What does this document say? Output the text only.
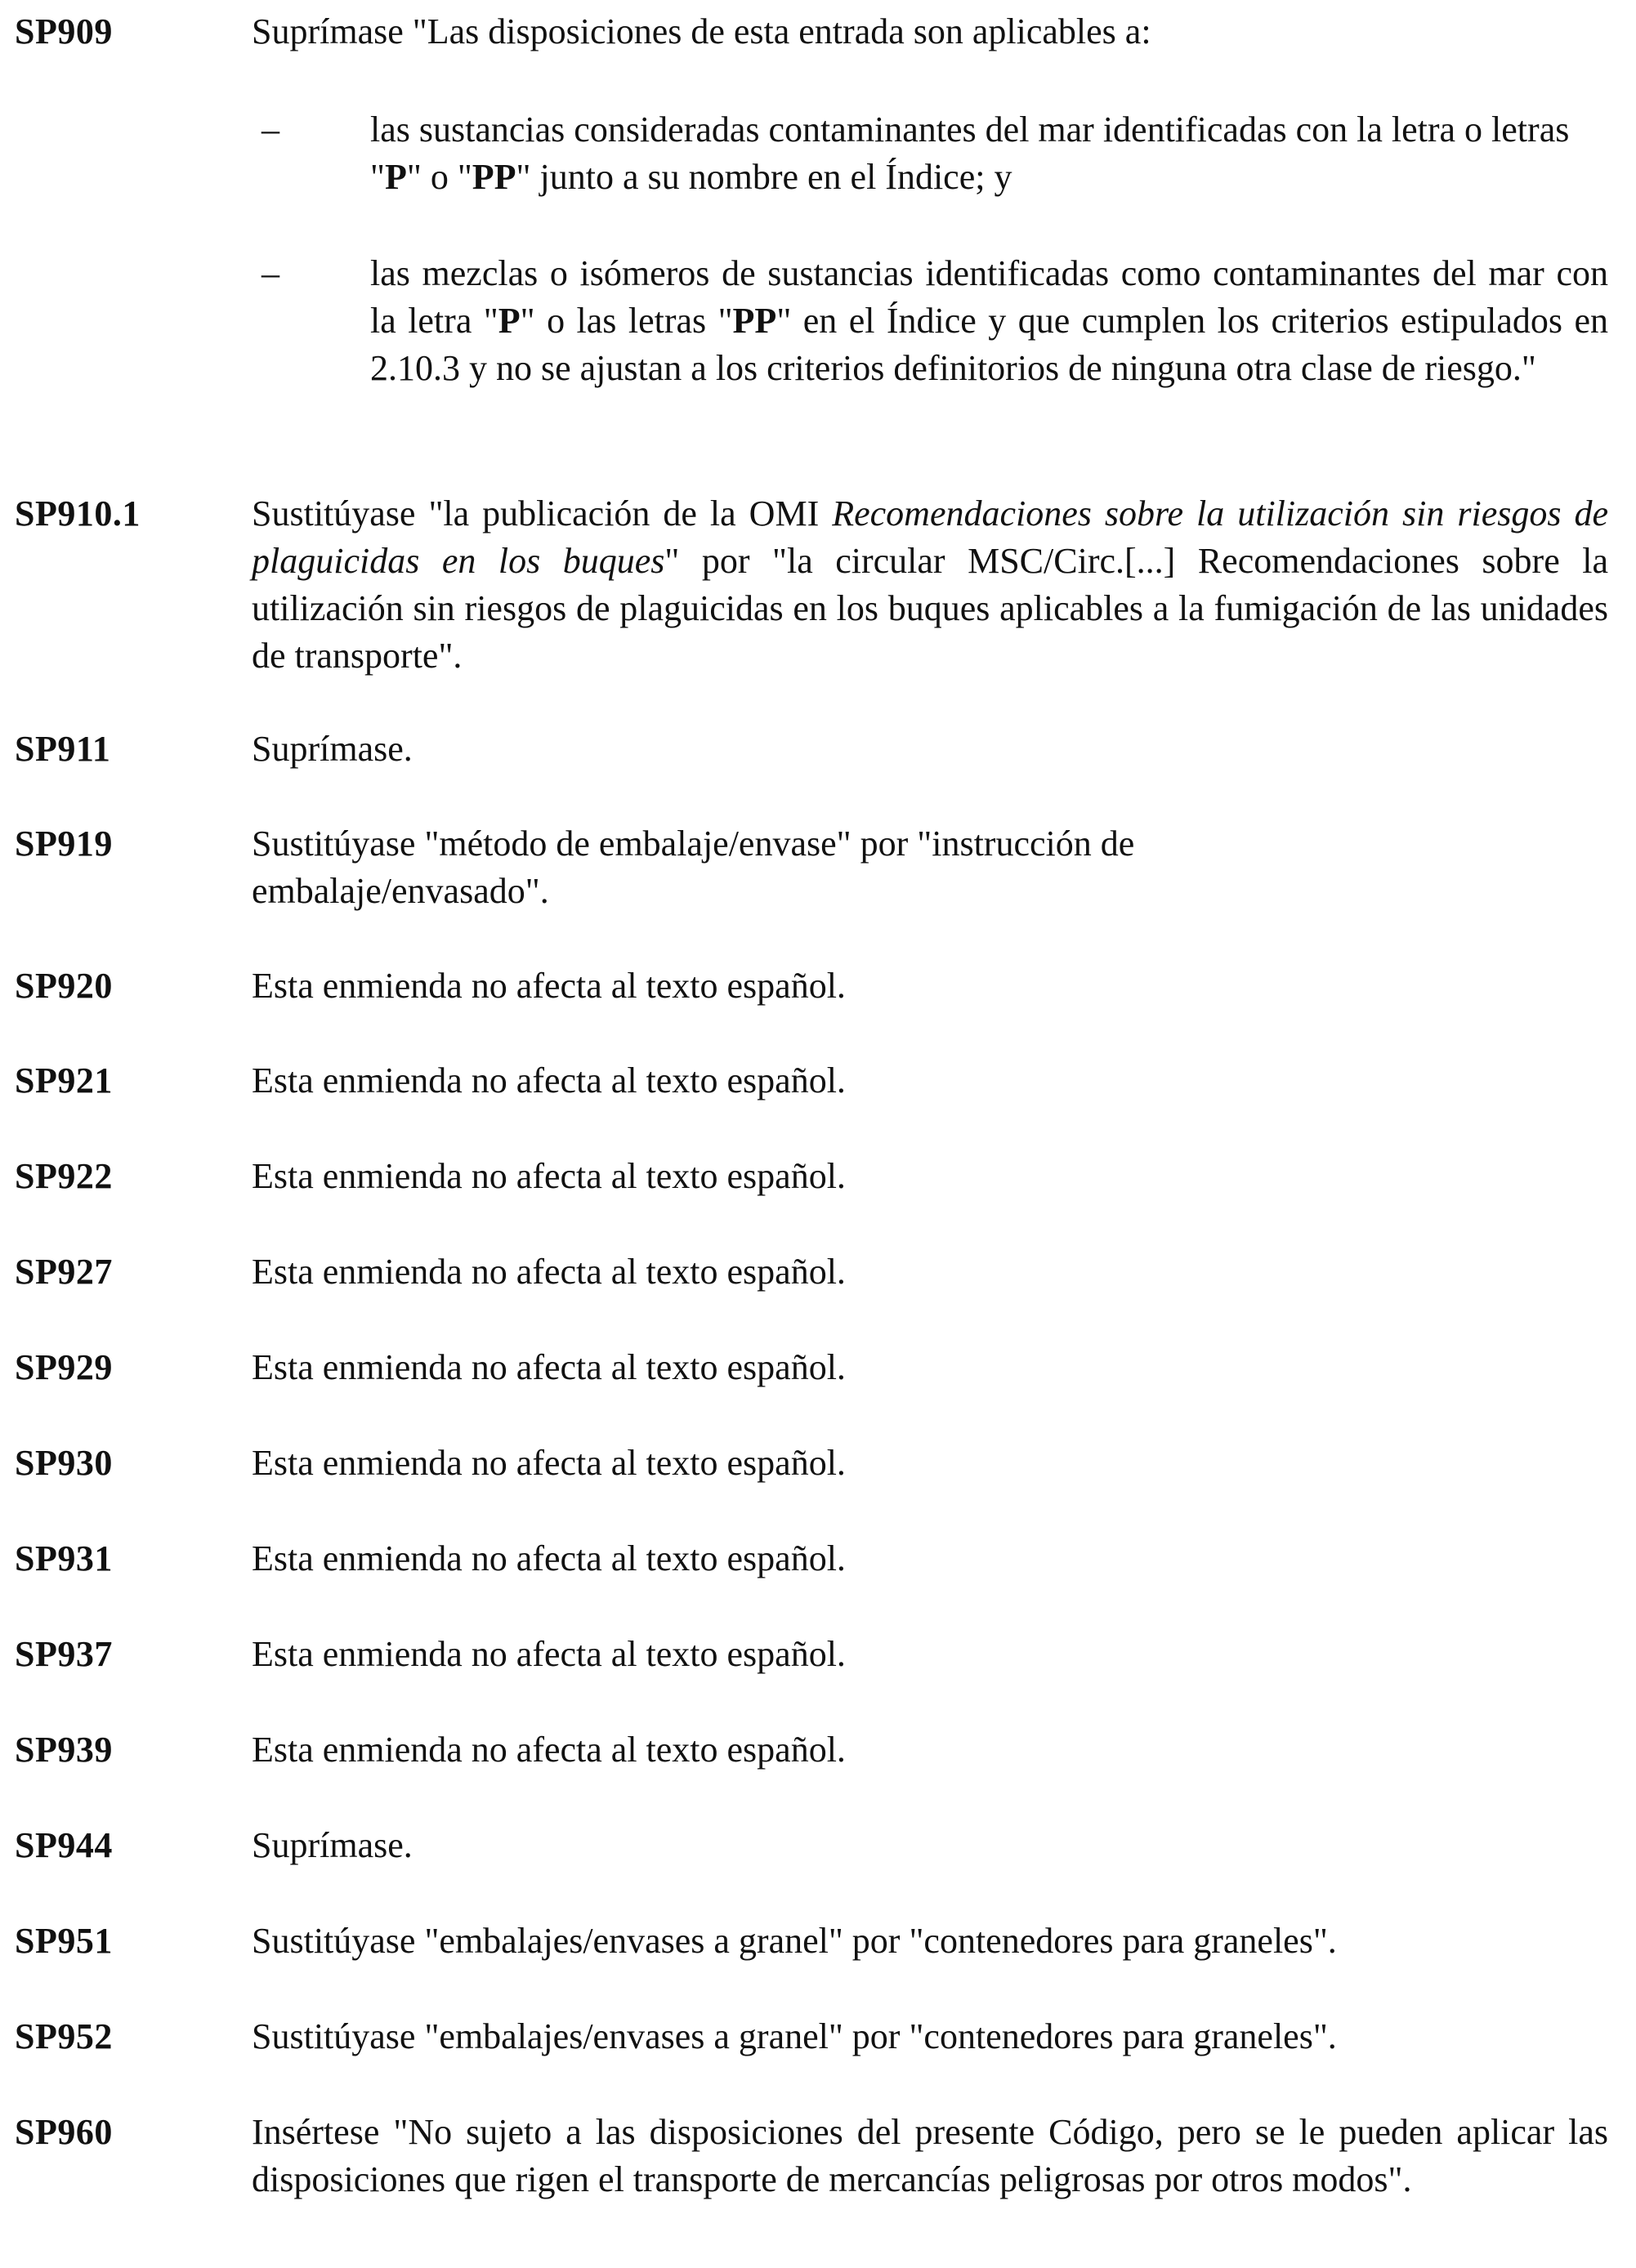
SP909	Suprímase "Las disposiciones de esta entrada son aplicables a:
–	las sustancias consideradas contaminantes del mar identificadas con la letra o letras "P" o "PP" junto a su nombre en el Índice; y
–	las mezclas o isómeros de sustancias identificadas como contaminantes del mar con la letra "P" o las letras "PP" en el Índice y que cumplen los criterios estipulados en 2.10.3 y no se ajustan a los criterios definitorios de ninguna otra clase de riesgo."
SP910.1	Sustitúyase "la publicación de la OMI Recomendaciones sobre la utilización sin riesgos de plaguicidas en los buques" por "la circular MSC/Circ.[...] Recomendaciones sobre la utilización sin riesgos de plaguicidas en los buques aplicables a la fumigación de las unidades de transporte".
SP911	Suprímase.
SP919	Sustitúyase "método de embalaje/envase" por "instrucción de embalaje/envasado".
SP920	Esta enmienda no afecta al texto español.
SP921	Esta enmienda no afecta al texto español.
SP922	Esta enmienda no afecta al texto español.
SP927	Esta enmienda no afecta al texto español.
SP929	Esta enmienda no afecta al texto español.
SP930	Esta enmienda no afecta al texto español.
SP931	Esta enmienda no afecta al texto español.
SP937	Esta enmienda no afecta al texto español.
SP939	Esta enmienda no afecta al texto español.
SP944	Suprímase.
SP951	Sustitúyase "embalajes/envases a granel" por "contenedores para graneles".
SP952	Sustitúyase "embalajes/envases a granel" por "contenedores para graneles".
SP960	Insértese "No sujeto a las disposiciones del presente Código, pero se le pueden aplicar las disposiciones que rigen el transporte de mercancías peligrosas por otros modos".
